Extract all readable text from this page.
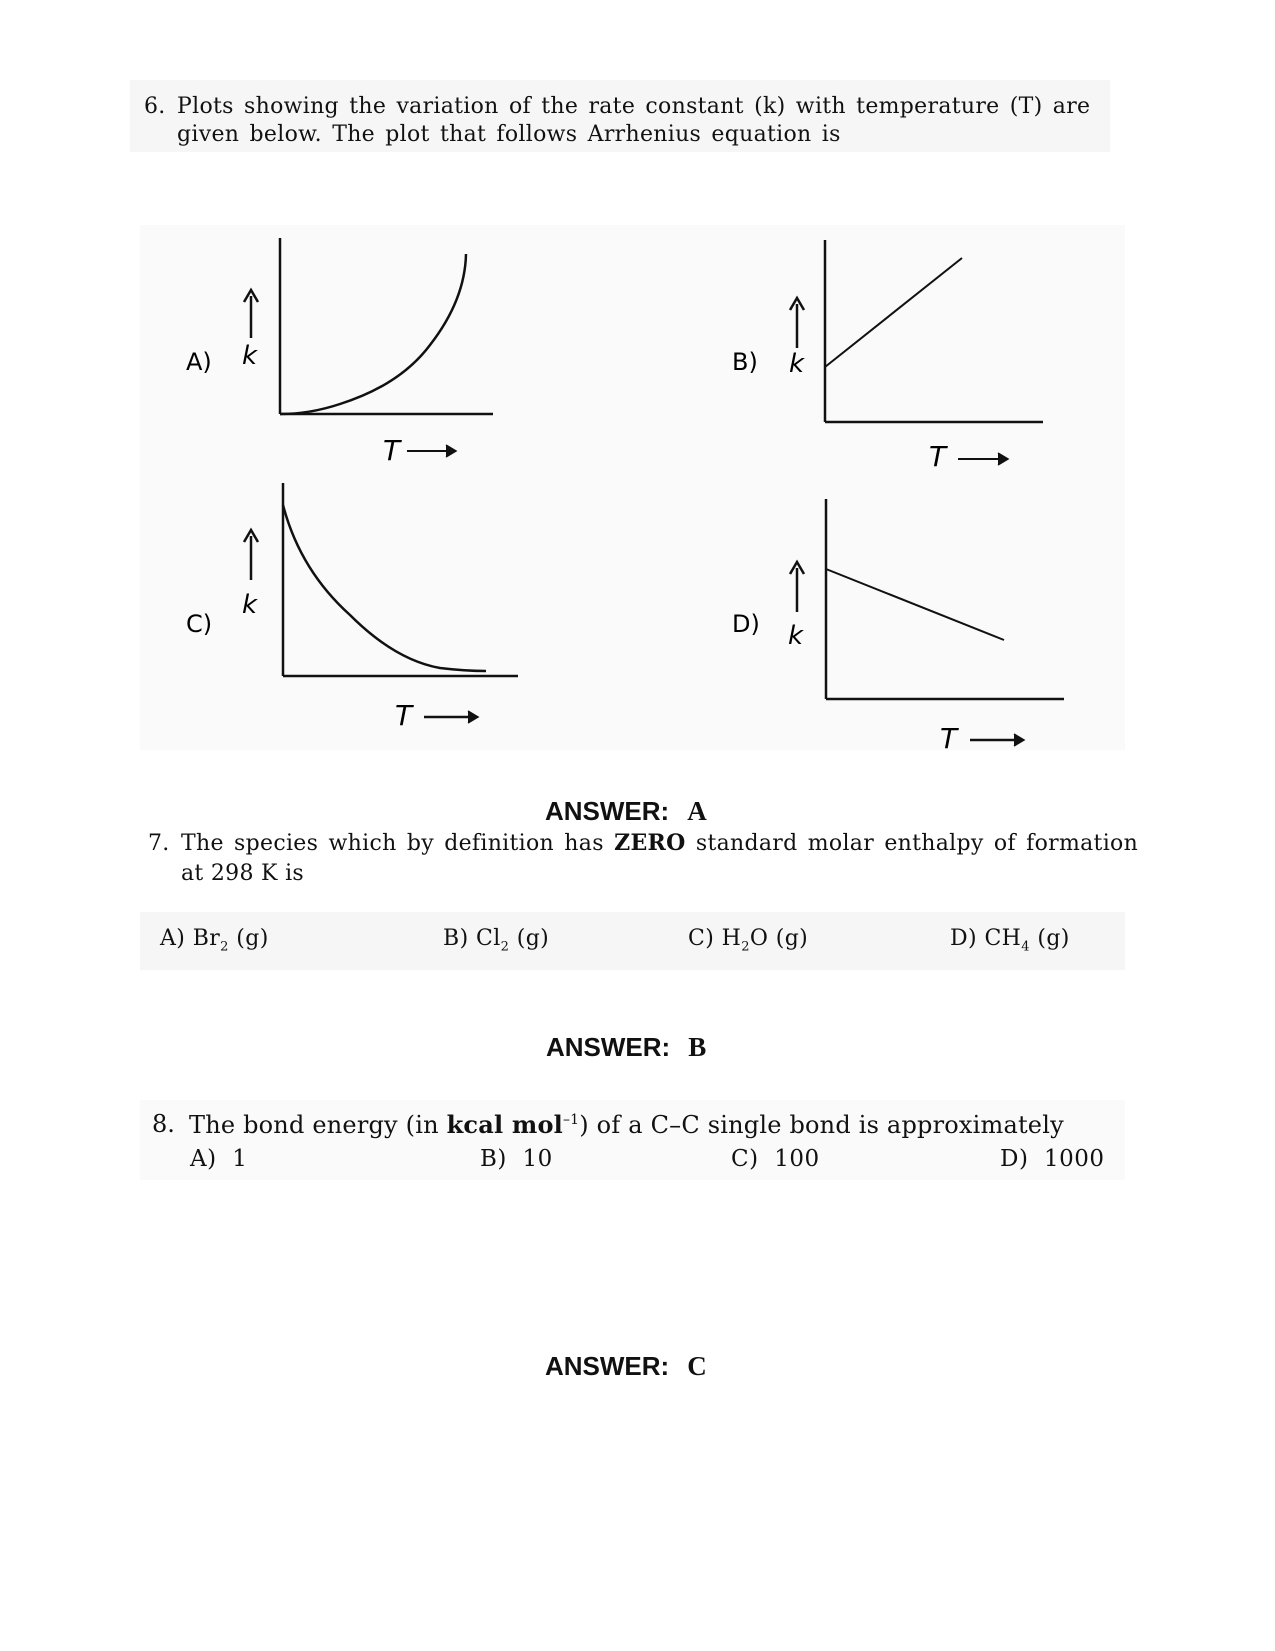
6. Plots showing the variation of the rate constant (k) with temperature (T) are
given below. The plot that follows Arrhenius equation is
A) k
T
B) k
T
C)
k
T
D) k
T
ANSWER: A
7. The species which by definition has ZERO standard molar enthalpy of formation
at 298 K is
A) $Br_2$ (g)	B) $Cl_2$ (g)	C) $H_2O$ (g)	D) $CH_4$ (g)
ANSWER: B
8. The bond energy (in kcal mol$^{-1}$) of a C–C single bond is approximately
A)  1	B)  10	C)  100	D)  1000
ANSWER: C
